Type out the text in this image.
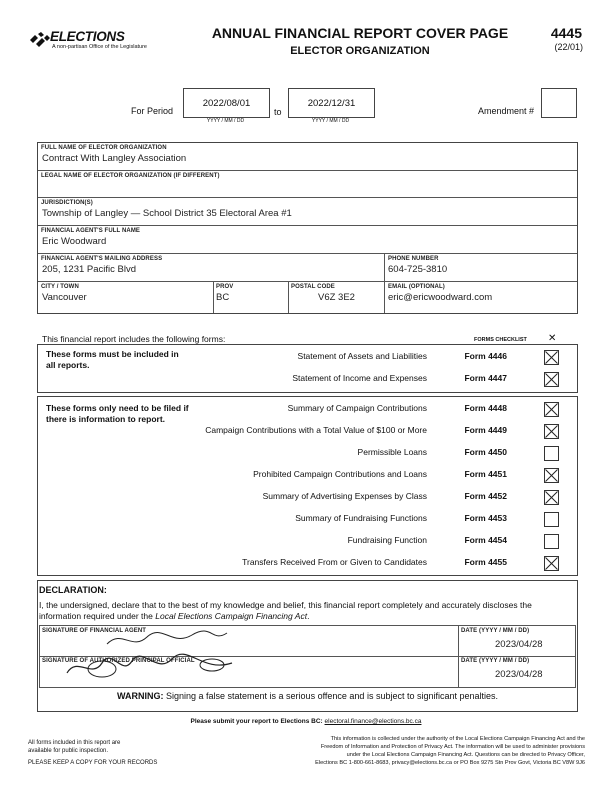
ELECTIONS
A non-partisan Office of the Legislature
ANNUAL FINANCIAL REPORT COVER PAGE
ELECTOR ORGANIZATION
4445
(22/01)
For Period
2022/08/01
YYYY / MM / DD
to
2022/12/31
YYYY / MM / DD
Amendment #
FULL NAME OF ELECTOR ORGANIZATION
Contract With Langley Association
LEGAL NAME OF ELECTOR ORGANIZATION (IF DIFFERENT)
JURISDICTION(S)
Township of Langley — School District 35 Electoral Area #1
FINANCIAL AGENT'S FULL NAME
Eric Woodward
FINANCIAL AGENT'S MAILING ADDRESS
205, 1231 Pacific Blvd
PHONE NUMBER
604-725-3810
CITY / TOWN
Vancouver
PROV
BC
POSTAL CODE
V6Z 3E2
EMAIL (OPTIONAL)
eric@ericwoodward.com
This financial report includes the following forms:	FORMS CHECKLIST ✕
These forms must be included in all reports.
Statement of Assets and Liabilities	Form 4446
Statement of Income and Expenses	Form 4447
These forms only need to be filed if there is information to report.
Summary of Campaign Contributions	Form 4448
Campaign Contributions with a Total Value of $100 or More	Form 4449
Permissible Loans	Form 4450
Prohibited Campaign Contributions and Loans	Form 4451
Summary of Advertising Expenses by Class	Form 4452
Summary of Fundraising Functions	Form 4453
Fundraising Function	Form 4454
Transfers Received From or Given to Candidates	Form 4455
DECLARATION:
I, the undersigned, declare that to the best of my knowledge and belief, this financial report completely and accurately discloses the information required under the Local Elections Campaign Financing Act.
SIGNATURE OF FINANCIAL AGENT	DATE (YYYY / MM / DD)
2023/04/28
SIGNATURE OF AUTHORIZED PRINCIPAL OFFICIAL	DATE (YYYY / MM / DD)
2023/04/28
WARNING: Signing a false statement is a serious offence and is subject to significant penalties.
Please submit your report to Elections BC: electoral.finance@elections.bc.ca
All forms included in this report are
available for public inspection.
PLEASE KEEP A COPY FOR YOUR RECORDS
This information is collected under the authority of the Local Elections Campaign Financing Act and the
Freedom of Information and Protection of Privacy Act. The information will be used to administer provisions
under the Local Elections Campaign Financing Act. Questions can be directed to Privacy Officer,
Elections BC 1-800-661-8683, privacy@elections.bc.ca or PO Box 9275 Stn Prov Govt, Victoria BC V8W 9J6
